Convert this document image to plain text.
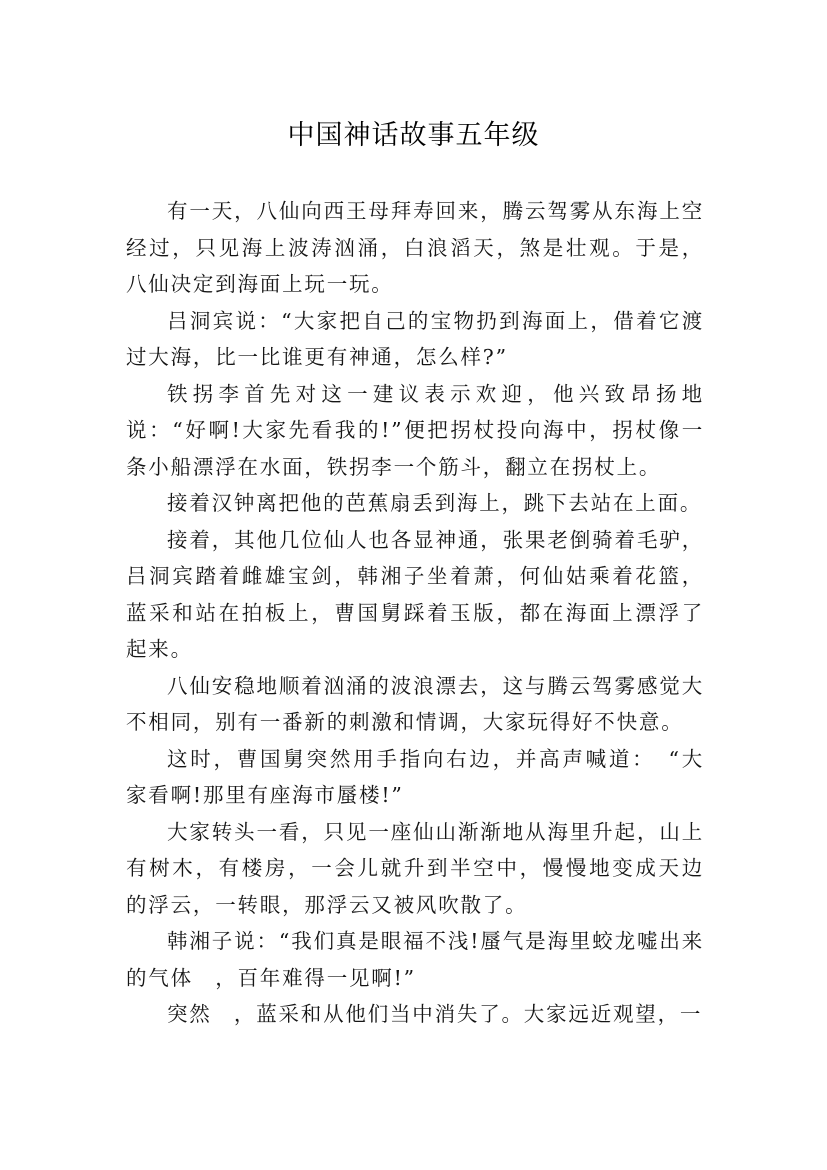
中国神话故事五年级

有一天，八仙向西王母拜寿回来，腾云驾雾从东海上空经过，只见海上波涛汹涌，白浪滔天，煞是壮观。于是，八仙决定到海面上玩一玩。

吕洞宾说：“大家把自己的宝物扔到海面上，借着它渡过大海，比一比谁更有神通，怎么样?”

铁拐李首先对这一建议表示欢迎，他兴致昂扬地说：“好啊!大家先看我的!”便把拐杖投向海中，拐杖像一条小船漂浮在水面，铁拐李一个筋斗，翻立在拐杖上。

接着汉钟离把他的芭蕉扇丢到海上，跳下去站在上面。

接着，其他几位仙人也各显神通，张果老倒骑着毛驴，吕洞宾踏着雌雄宝剑，韩湘子坐着萧，何仙姑乘着花篮，蓝采和站在拍板上，曹国舅踩着玉版，都在海面上漂浮了起来。

八仙安稳地顺着汹涌的波浪漂去，这与腾云驾雾感觉大不相同，别有一番新的刺激和情调，大家玩得好不快意。

这时，曹国舅突然用手指向右边，并高声喊道：　“大家看啊!那里有座海市蜃楼!”

大家转头一看，只见一座仙山渐渐地从海里升起，山上有树木，有楼房，一会儿就升到半空中，慢慢地变成天边的浮云，一转眼，那浮云又被风吹散了。

韩湘子说：“我们真是眼福不浅!蜃气是海里蛟龙嘘出来的气体　，百年难得一见啊!”

突然　，蓝采和从他们当中消失了。大家远近观望，一
